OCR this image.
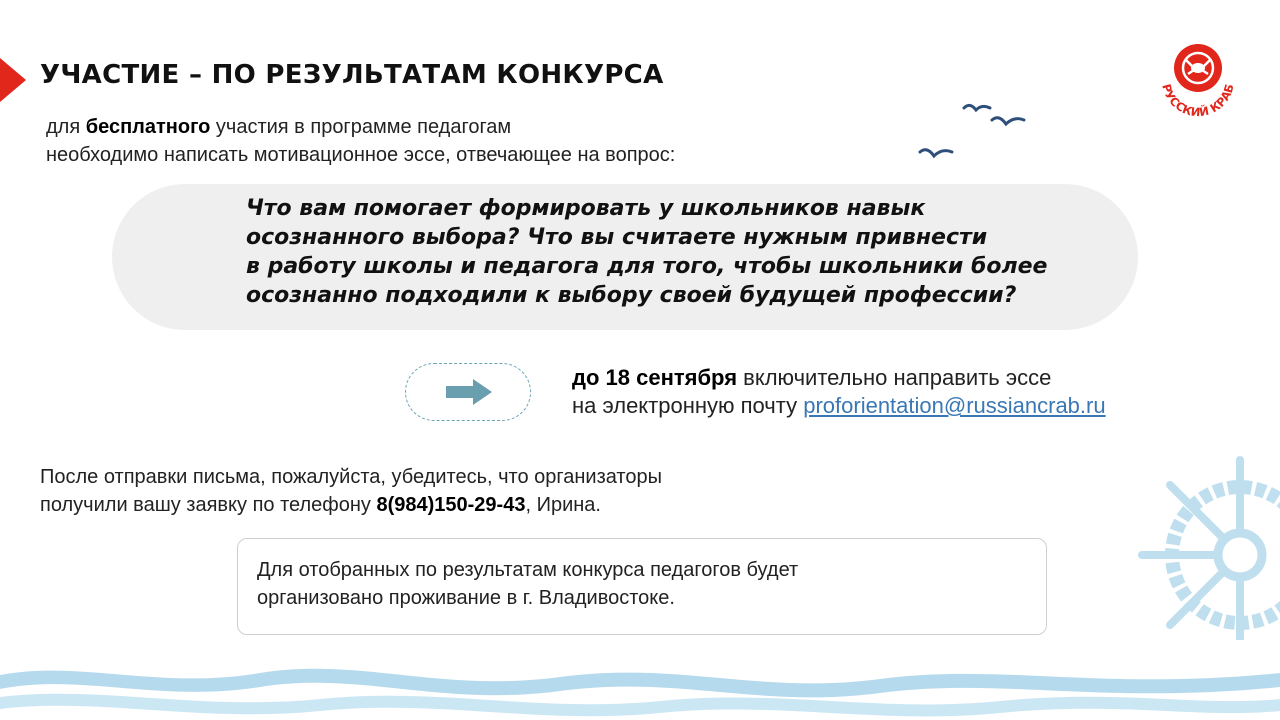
УЧАСТИЕ – ПО РЕЗУЛЬТАТАМ КОНКУРСА
для бесплатного участия в программе педагогам
необходимо написать мотивационное эссе, отвечающее на вопрос:
Что вам помогает формировать у школьников навык
осознанного выбора? Что вы считаете нужным привнести
в работу школы и педагога для того, чтобы школьники более
осознанно подходили к выбору своей будущей профессии?
до 18 сентября включительно направить эссе
на электронную почту proforientation@russiancrab.ru
После отправки письма, пожалуйста, убедитесь, что организаторы
получили вашу заявку по телефону 8(984)150-29-43, Ирина.
Для отобранных по результатам конкурса педагогов будет
организовано проживание в г. Владивостоке.
РУССКИЙ КРАБ
